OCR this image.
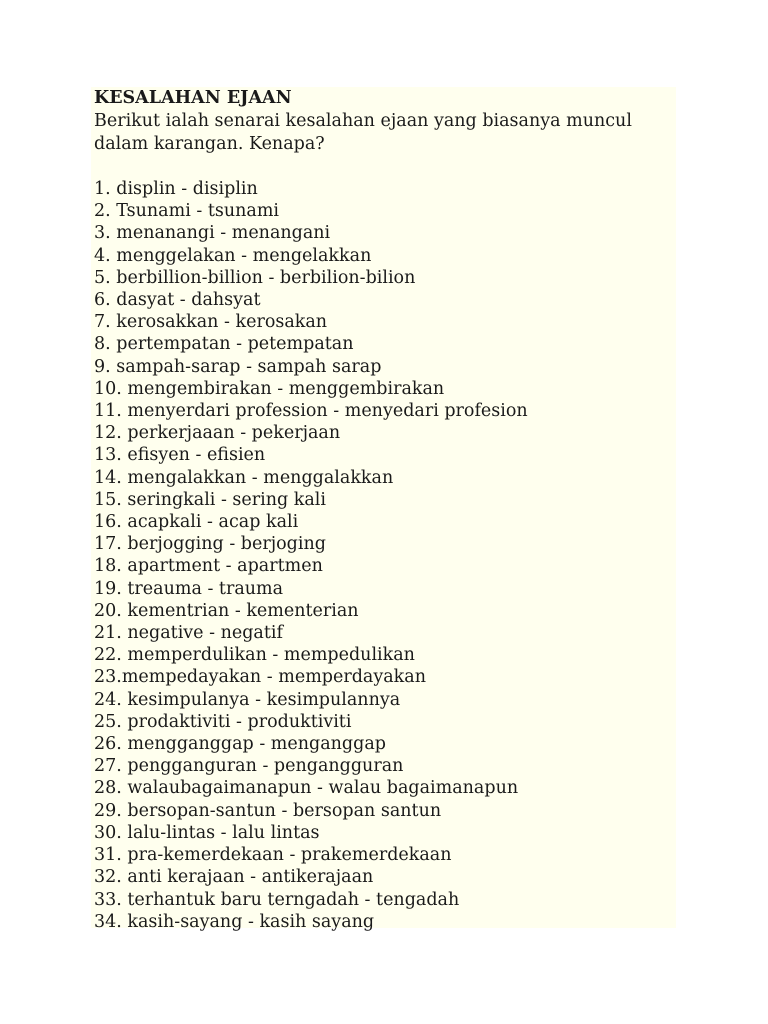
KESALAHAN EJAAN

Berikut ialah senarai kesalahan ejaan yang biasanya muncul

dalam karangan. Kenapa?

1. displin - disiplin
2. Tsunami - tsunami
3. menanangi - menangani
4. menggelakan - mengelakkan
5. berbillion-billion - berbilion-bilion
6. dasyat - dahsyat
7. kerosakkan - kerosakan
8. pertempatan - petempatan
9. sampah-sarap - sampah sarap
10. mengembirakan - menggembirakan
11. menyerdari profession - menyedari profesion
12. perkerjaaan - pekerjaan
13. efisyen - efisien
14. mengalakkan - menggalakkan
15. seringkali - sering kali
16. acapkali - acap kali
17. berjogging - berjoging
18. apartment - apartmen
19. treauma - trauma
20. kementrian - kementerian
21. negative - negatif
22. memperdulikan - mempedulikan
23.mempedayakan - memperdayakan
24. kesimpulanya - kesimpulannya
25. prodaktiviti - produktiviti
26. mengganggap - menganggap
27. pengganguran - pengangguran
28. walaubagaimanapun - walau bagaimanapun
29. bersopan-santun - bersopan santun
30. lalu-lintas - lalu lintas
31. pra-kemerdekaan - prakemerdekaan
32. anti kerajaan - antikerajaan
33. terhantuk baru terngadah - tengadah
34. kasih-sayang - kasih sayang
